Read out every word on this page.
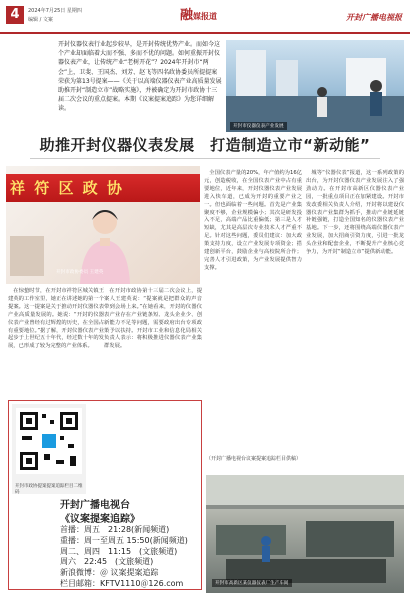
4	2024年7月25日 星期四
编辑 / 文案	融媒报道	开封广播电视报
开封仪器仪表行业起步较早，是开封传统优势产业。而如今这个产业却面临着大而不强、多而不优的问题。如何重振开封仪器仪表产业，让传统产业“老树开花”？2024年开封市“两会”上，卫斐、王国杰、刘芳、赵飞等四名政协委员所提提案荣获为第13号提案——《关于以高端仪器仪表产业高质量发展助推开封“制造立市”战略实施》，并被确定为开封市政协十三届二次会议的重点提案。本期《议案提案追踪》为您详细解读。
开封市仪器仪表产业发展
助推开封仪器仪表发展　打造制造立市“新动能”
祥 符 区 政 协
开封市政协委员 王建英
在惊蛰时节，在开封市祥符区城关镇王建英的工作室里，她正在讲述她的第一个提案。这一提案是关于推动开封仪器仪表产业高质量发展的。她说：“开封的仪器仪表产业曾经有过辉煌的历史，在全国占有重要地位。”据了解，开封仪器仪表产业起步于上世纪五十年代，经过数十年的发展，已形成了较为完整的产业体系。
在开封市政协第十三届二次会议上，提案人王建英说：“提案就是把群众的声音带到会场上来。”在她看来，开封的仪器仪表产业存在产业链条短、龙头企业少、创新能力不足等问题，需要政府出台专项政策予以扶持。开封市工业和信息化局相关负责人表示：将积极推进仪器仪表产业集群发展。
全国仪表产量的20%，年产值约为16亿元，创造税收，在全国仪表产业中占有重要地位，近年来，开封仪器仪表产业发展进入快车道，已成为开封的重要产业之一。但也面临着一些问题。首先是产业集聚度不够，企业规模偏小；其次是研发投入不足，高端产品比重偏低；第三是人才短缺，尤其是高层次专业技术人才严重不足。针对这些问题，委员们建议：加大政策支持力度，设立产业发展专项资金；搭建创新平台，鼓励企业与高校院所合作；完善人才引进政策，为产业发展提供智力支撑。
城等“仪器仪表”报道，这一系列政策的出台，为开封仪器仪表产业发展注入了强劲动力。在开封市高新区仪器仪表产业园，一批重点项目正在加紧建设。开封市发改委相关负责人介绍，开封将以建设仪器仪表产业集群为抓手，推动产业链延链补链强链，打造全国知名的仪器仪表产业基地。下一步，还将围绕高端仪器仪表产业发展，加大招商引资力度，引进一批龙头企业和配套企业，不断提升产业核心竞争力，为开封“制造立市”提供新动能。
开封市政协提案提案追踪栏目二维码
开封广播电视台
《议案提案追踪》
首播：周五　21:28(新闻频道)
重播：周一至周五 15:50(新闻频道)
周二、周四　11:15　(文旅频道)
周六　22:45　(文旅频道)
新浪微博：＠ 议案提案追踪
栏目邮箱：KFTV1110＠126.com
（开封广播电视台议案提案追踪栏目供稿）
开封市高新区某仪器仪表厂生产车间
